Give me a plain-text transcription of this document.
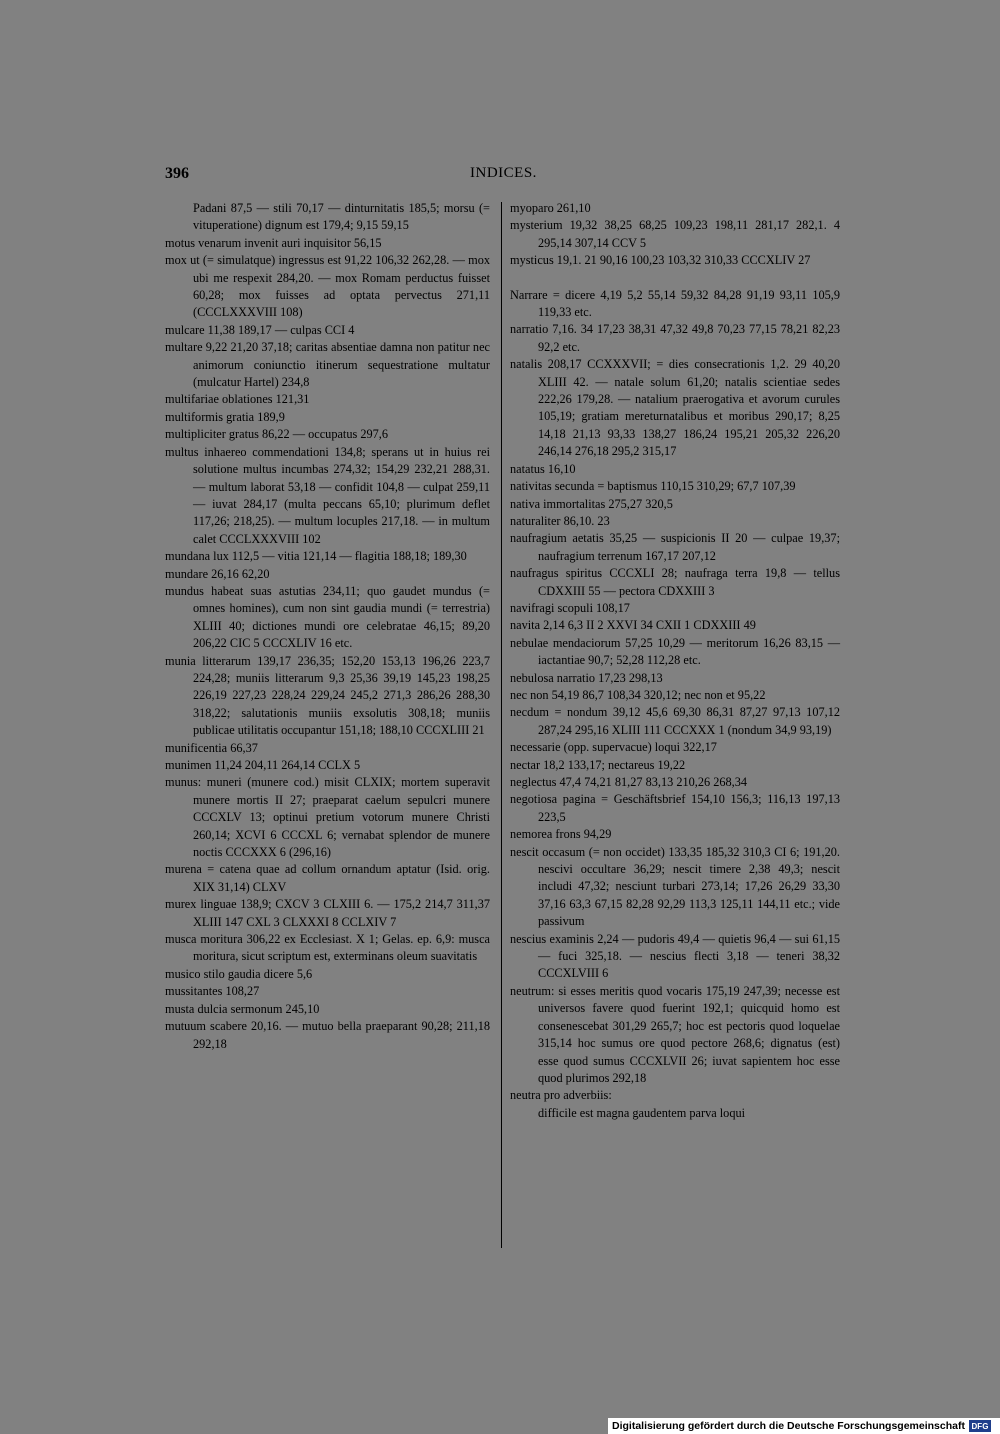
396	INDICES.
Padani 87,5 — stili 70,17 — dinturnitatis 185,5; morsu (= vituperatione) dignum est 179,4; 9,15 59,15
motus venarum invenit auri inquisitor 56,15
mox ut (= simulatque) ingressus est 91,22 106,32 262,28. — mox ubi me respexit 284,20. — mox Romam perductus fuisset 60,28; mox fuisses ad optata pervectus 271,11 (CCCLXXXVIII 108)
mulcare 11,38 189,17 — culpas CCI 4
multare 9,22 21,20 37,18; caritas absentiae damna non patitur nec animorum coniunctio itinerum sequestratione multatur (mulcatur Hartel) 234,8
multifariae oblationes 121,31
multiformis gratia 189,9
multipliciter gratus 86,22 — occupatus 297,6
multus inhaereo commendationi 134,8; sperans ut in huius rei solutione multus incumbas 274,32; 154,29 232,21 288,31. — multum laborat 53,18 — confidit 104,8 — culpat 259,11 — iuvat 284,17 (multa peccans 65,10; plurimum deflet 117,26; 218,25). — multum locuples 217,18. — in multum calet CCCLXXXVIII 102
mundana lux 112,5 — vitia 121,14 — flagitia 188,18; 189,30
mundare 26,16 62,20
mundus habeat suas astutias 234,11; quo gaudet mundus (= omnes homines), cum non sint gaudia mundi (= terrestria) XLIII 40; dictiones mundi ore celebratae 46,15; 89,20 206,22 CIC 5 CCCXLIV 16 etc.
munia litterarum 139,17 236,35; 152,20 153,13 196,26 223,7 224,28; muniis litterarum 9,3 25,36 39,19 145,23 198,25 226,19 227,23 228,24 229,24 245,2 271,3 286,26 288,30 318,22; salutationis muniis exsolutis 308,18; muniis publicae utilitatis occupantur 151,18; 188,10 CCCXLIII 21
munificentia 66,37
munimen 11,24 204,11 264,14 CCLX 5
munus: muneri (munere cod.) misit CLXIX; mortem superavit munere mortis II 27; praeparat caelum sepulcri munere CCCXLV 13; optinui pretium votorum munere Christi 260,14; XCVI 6 CCCXL 6; vernabat splendor de munere noctis CCCXXX 6 (296,16)
murena = catena quae ad collum ornandum aptatur (Isid. orig. XIX 31,14) CLXV
murex linguae 138,9; CXCV 3 CLXIII 6. — 175,2 214,7 311,37 XLIII 147 CXL 3 CLXXXI 8 CCLXIV 7
musca moritura 306,22 ex Ecclesiast. X 1; Gelas. ep. 6,9: musca moritura, sicut scriptum est, exterminans oleum suavitatis
musico stilo gaudia dicere 5,6
mussitantes 108,27
musta dulcia sermonum 245,10
mutuum scabere 20,16. — mutuo bella praeparant 90,28; 211,18 292,18
myoparo 261,10
mysterium 19,32 38,25 68,25 109,23 198,11 281,17 282,1. 4 295,14 307,14 CCV 5
mysticus 19,1. 21 90,16 100,23 103,32 310,33 CCCXLIV 27
Narrare = dicere 4,19 5,2 55,14 59,32 84,28 91,19 93,11 105,9 119,33 etc.
narratio 7,16. 34 17,23 38,31 47,32 49,8 70,23 77,15 78,21 82,23 92,2 etc.
natalis 208,17 CCXXXVII; = dies consecrationis 1,2. 29 40,20 XLIII 42. — natale solum 61,20; natalis scientiae sedes 222,26 179,28. — natalium praerogativa et avorum curules 105,19; gratiam mereturnatalibus et moribus 290,17; 8,25 14,18 21,13 93,33 138,27 186,24 195,21 205,32 226,20 246,14 276,18 295,2 315,17
natatus 16,10
nativitas secunda = baptismus 110,15 310,29; 67,7 107,39
nativa immortalitas 275,27 320,5
naturaliter 86,10. 23
naufragium aetatis 35,25 — suspicionis II 20 — culpae 19,37; naufragium terrenum 167,17 207,12
naufragus spiritus CCCXLI 28; naufraga terra 19,8 — tellus CDXXIII 55 — pectora CDXXIII 3
navifragi scopuli 108,17
navita 2,14 6,3 II 2 XXVI 34 CXII 1 CDXXIII 49
nebulae mendaciorum 57,25 10,29 — meritorum 16,26 83,15 — iactantiae 90,7; 52,28 112,28 etc.
nebulosa narratio 17,23 298,13
nec non 54,19 86,7 108,34 320,12; nec non et 95,22
necdum = nondum 39,12 45,6 69,30 86,31 87,27 97,13 107,12 287,24 295,16 XLIII 111 CCCXXX 1 (nondum 34,9 93,19)
necessarie (opp. supervacue) loqui 322,17
nectar 18,2 133,17; nectareus 19,22
neglectus 47,4 74,21 81,27 83,13 210,26 268,34
negotiosa pagina = Geschäftsbrief 154,10 156,3; 116,13 197,13 223,5
nemorea frons 94,29
nescit occasum (= non occidet) 133,35 185,32 310,3 CI 6; 191,20. nescivi occultare 36,29; nescit timere 2,38 49,3; nescit includi 47,32; nesciunt turbari 273,14; 17,26 26,29 33,30 37,16 63,3 67,15 82,28 92,29 113,3 125,11 144,11 etc.; vide passivum
nescius examinis 2,24 — pudoris 49,4 — quietis 96,4 — sui 61,15 — fuci 325,18. — nescius flecti 3,18 — teneri 38,32 CCCXLVIII 6
neutrum: si esses meritis quod vocaris 175,19 247,39; necesse est universos favere quod fuerint 192,1; quicquid homo est consenescebat 301,29 265,7; hoc est pectoris quod loquelae 315,14 hoc sumus ore quod pectore 268,6; dignatus (est) esse quod sumus CCCXLVII 26; iuvat sapientem hoc esse quod plurimos 292,18
neutra pro adverbiis:
difficile est magna gaudentem parva loqui
Digitalisierung gefördert durch die Deutsche Forschungsgemeinschaft DFG
